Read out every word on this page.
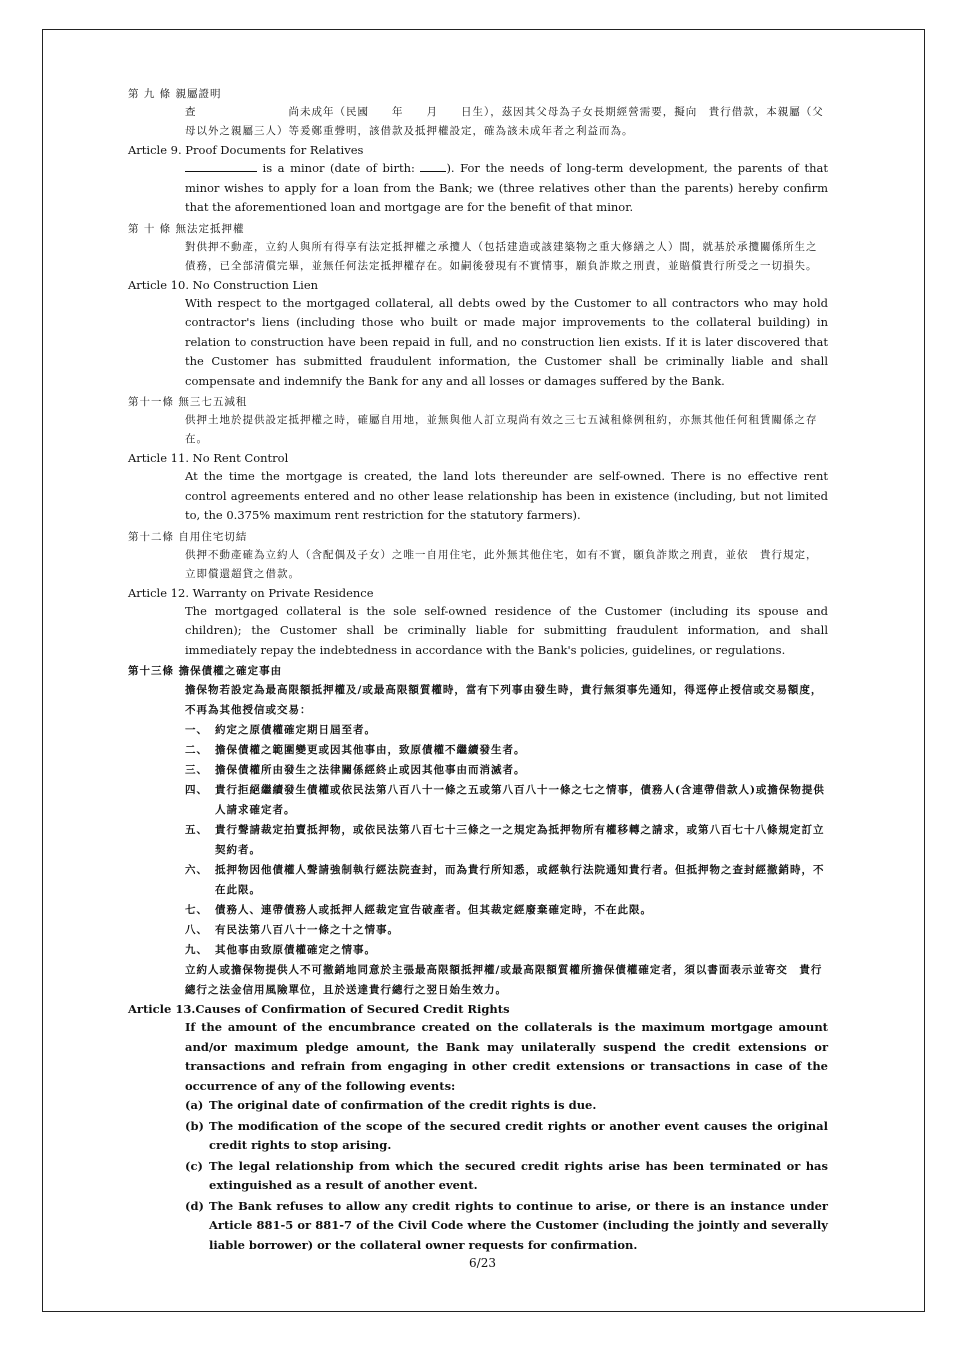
第 九 條 親屬證明
查　　　　　　　　尚未成年（民國　　年　　月　　日生），茲因其父母為子女長期經營需要，擬向　貴行借款，本親屬（父母以外之親屬三人）等爰鄭重聲明，該借款及抵押權設定，確為該未成年者之利益而為。
Article 9. Proof Documents for Relatives
is a minor (date of birth: ). For the needs of long-term development, the parents of that minor wishes to apply for a loan from the Bank; we (three relatives other than the parents) hereby confirm that the aforementioned loan and mortgage are for the benefit of that minor.
第 十 條 無法定抵押權
對供押不動產，立約人與所有得享有法定抵押權之承攬人（包括建造或該建築物之重大修繕之人）間，就基於承攬關係所生之債務，已全部清償完畢，並無任何法定抵押權存在。如嗣後發現有不實情事，願負詐欺之刑責，並賠償貴行所受之一切損失。
Article 10. No Construction Lien
With respect to the mortgaged collateral, all debts owed by the Customer to all contractors who may hold contractor's liens (including those who built or made major improvements to the collateral building) in relation to construction have been repaid in full, and no construction lien exists. If it is later discovered that the Customer has submitted fraudulent information, the Customer shall be criminally liable and shall compensate and indemnify the Bank for any and all losses or damages suffered by the Bank.
第十一條 無三七五減租
供押土地於提供設定抵押權之時，確屬自用地，並無與他人訂立現尚有效之三七五減租條例租約，亦無其他任何租賃關係之存在。
Article 11. No Rent Control
At the time the mortgage is created, the land lots thereunder are self-owned. There is no effective rent control agreements entered and no other lease relationship has been in existence (including, but not limited to, the 0.375% maximum rent restriction for the statutory farmers).
第十二條 自用住宅切結
供押不動產確為立約人（含配偶及子女）之唯一自用住宅，此外無其他住宅，如有不實，願負詐欺之刑責，並依　貴行規定，立即償還超貸之借款。
Article 12. Warranty on Private Residence
The mortgaged collateral is the sole self-owned residence of the Customer (including its spouse and children); the Customer shall be criminally liable for submitting fraudulent information, and shall immediately repay the indebtedness in accordance with the Bank's policies, guidelines, or regulations.
第十三條 擔保債權之確定事由
擔保物若設定為最高限額抵押權及/或最高限額質權時，當有下列事由發生時，貴行無須事先通知，得逕停止授信或交易額度，不再為其他授信或交易：
一、 約定之原債權確定期日屆至者。
二、 擔保債權之範圍變更或因其他事由，致原債權不繼續發生者。
三、 擔保債權所由發生之法律關係經終止或因其他事由而消滅者。
四、 貴行拒絕繼續發生債權或依民法第八百八十一條之五或第八百八十一條之七之情事，債務人(含連帶借款人)或擔保物提供人請求確定者。
五、 貴行聲請裁定拍賣抵押物，或依民法第八百七十三條之一之規定為抵押物所有權移轉之請求，或第八百七十八條規定訂立契約者。
六、 抵押物因他債權人聲請強制執行經法院查封，而為貴行所知悉，或經執行法院通知貴行者。但抵押物之查封經撤銷時，不在此限。
七、 債務人、連帶債務人或抵押人經裁定宣告破產者。但其裁定經廢棄確定時，不在此限。
八、 有民法第八百八十一條之十之情事。
九、 其他事由致原債權確定之情事。
立約人或擔保物提供人不可撤銷地同意於主張最高限額抵押權/或最高限額質權所擔保債權確定者，須以書面表示並寄交　貴行總行之法金信用風險單位，且於送達貴行總行之翌日始生效力。
Article 13.Causes of Confirmation of Secured Credit Rights
If the amount of the encumbrance created on the collaterals is the maximum mortgage amount and/or maximum pledge amount, the Bank may unilaterally suspend the credit extensions or transactions and refrain from engaging in other credit extensions or transactions in case of the occurrence of any of the following events:
(a) The original date of confirmation of the credit rights is due.
(b) The modification of the scope of the secured credit rights or another event causes the original credit rights to stop arising.
(c) The legal relationship from which the secured credit rights arise has been terminated or has extinguished as a result of another event.
(d) The Bank refuses to allow any credit rights to continue to arise, or there is an instance under Article 881-5 or 881-7 of the Civil Code where the Customer (including the jointly and severally liable borrower) or the collateral owner requests for confirmation.
6/23
